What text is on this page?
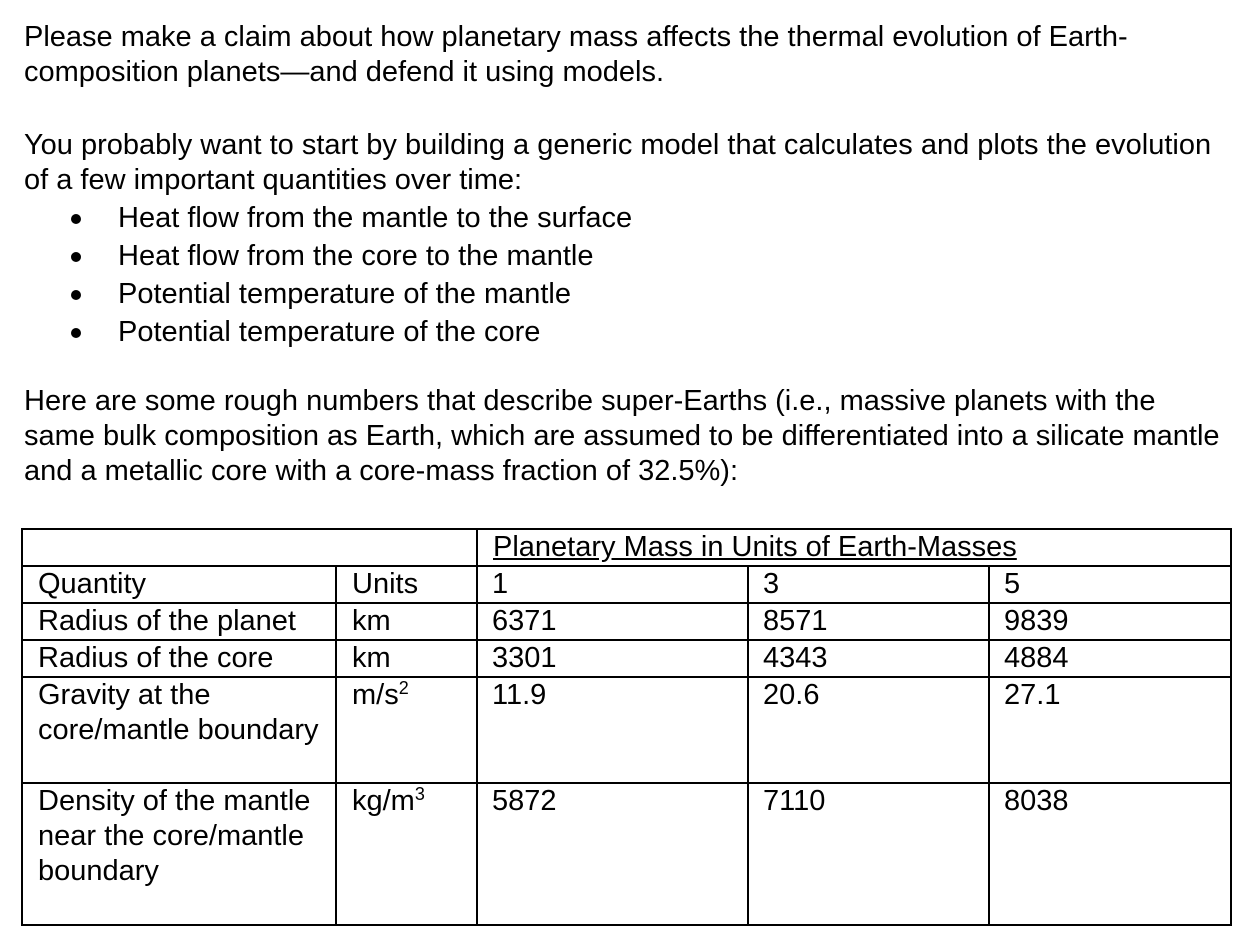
Please make a claim about how planetary mass affects the thermal evolution of Earth-composition planets—and defend it using models.

You probably want to start by building a generic model that calculates and plots the evolution of a few important quantities over time:

Heat flow from the mantle to the surface
Heat flow from the core to the mantle
Potential temperature of the mantle
Potential temperature of the core

Here are some rough numbers that describe super-Earths (i.e., massive planets with the same bulk composition as Earth, which are assumed to be differentiated into a silicate mantle and a metallic core with a core-mass fraction of 32.5%):

		Planetary Mass in Units of Earth-Masses		
Quantity	Units	1	3	5
Radius of the planet	km	6371	8571	9839
Radius of the core	km	3301	4343	4884
Gravity at the core/mantle boundary	$m/s^2$	11.9	20.6	27.1
Density of the mantle near the core/mantle boundary	$kg/m^3$	5872	7110	8038
